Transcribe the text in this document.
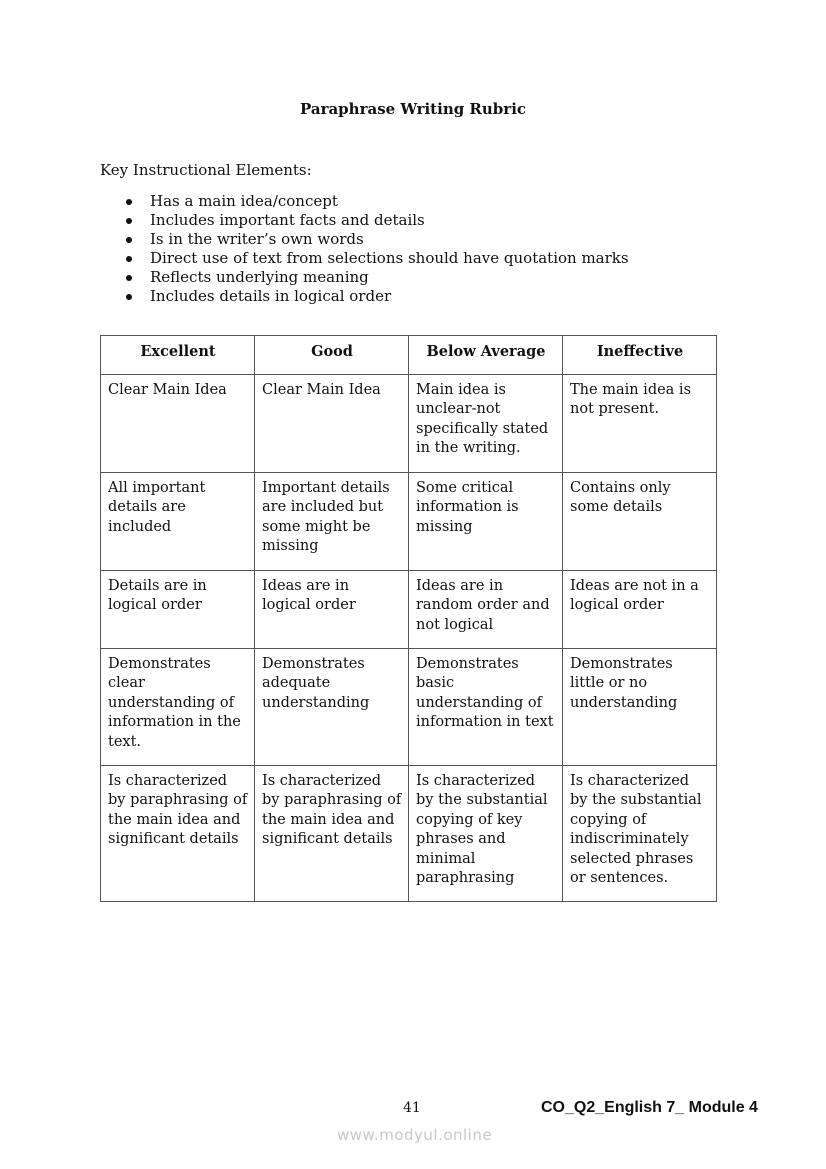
Paraphrase Writing Rubric

Key Instructional Elements:

Has a main idea/concept
Includes important facts and details
Is in the writer’s own words
Direct use of text from selections should have quotation marks
Reflects underlying meaning
Includes details in logical order
Excellent	Good	Below Average	Ineffective
Clear Main Idea	Clear Main Idea	Main idea is unclear-not specifically stated in the writing.	The main idea is not present.
All important details are included	Important details are included but some might be missing	Some critical information is missing	Contains only some details
Details are in logical order	Ideas are in logical order	Ideas are in random order and not logical	Ideas are not in a logical order
Demonstrates clear understanding of information in the text.	Demonstrates adequate understanding	Demonstrates basic understanding of information in text	Demonstrates little or no understanding
Is characterized by paraphrasing of the main idea and significant details	Is characterized by paraphrasing of the main idea and significant details	Is characterized by the substantial copying of key phrases and minimal paraphrasing	Is characterized by the substantial copying of indiscriminately selected phrases or sentences.
41	CO_Q2_English 7_ Module 4
www.modyul.online
